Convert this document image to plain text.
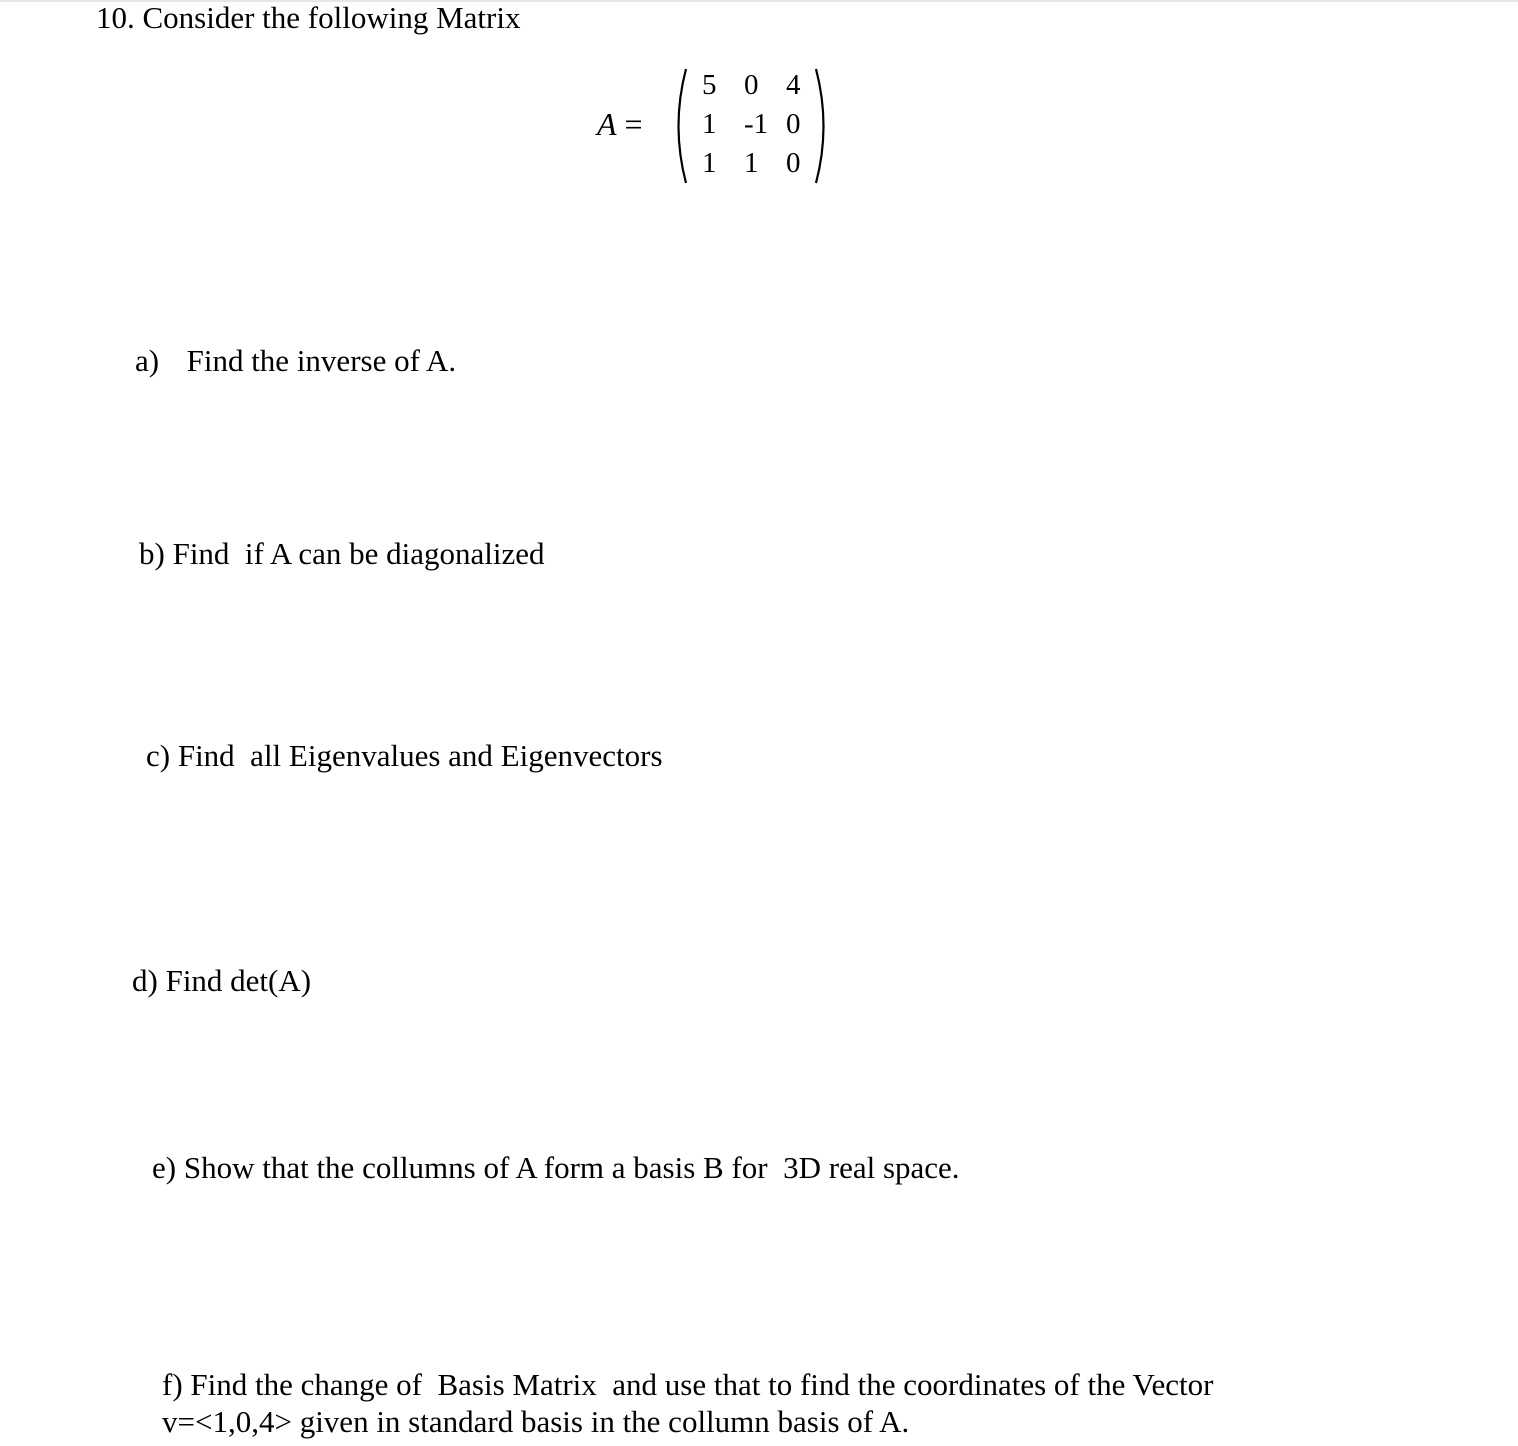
10. Consider the following Matrix
A =
5 0 4
1 -1 0
1 1 0
a) Find the inverse of A.
b) Find  if A can be diagonalized
c) Find  all Eigenvalues and Eigenvectors
d) Find det(A)
e) Show that the collumns of A form a basis B for  3D real space.
f) Find the change of  Basis Matrix  and use that to find the coordinates of the Vector
v=<1,0,4> given in standard basis in the collumn basis of A.
